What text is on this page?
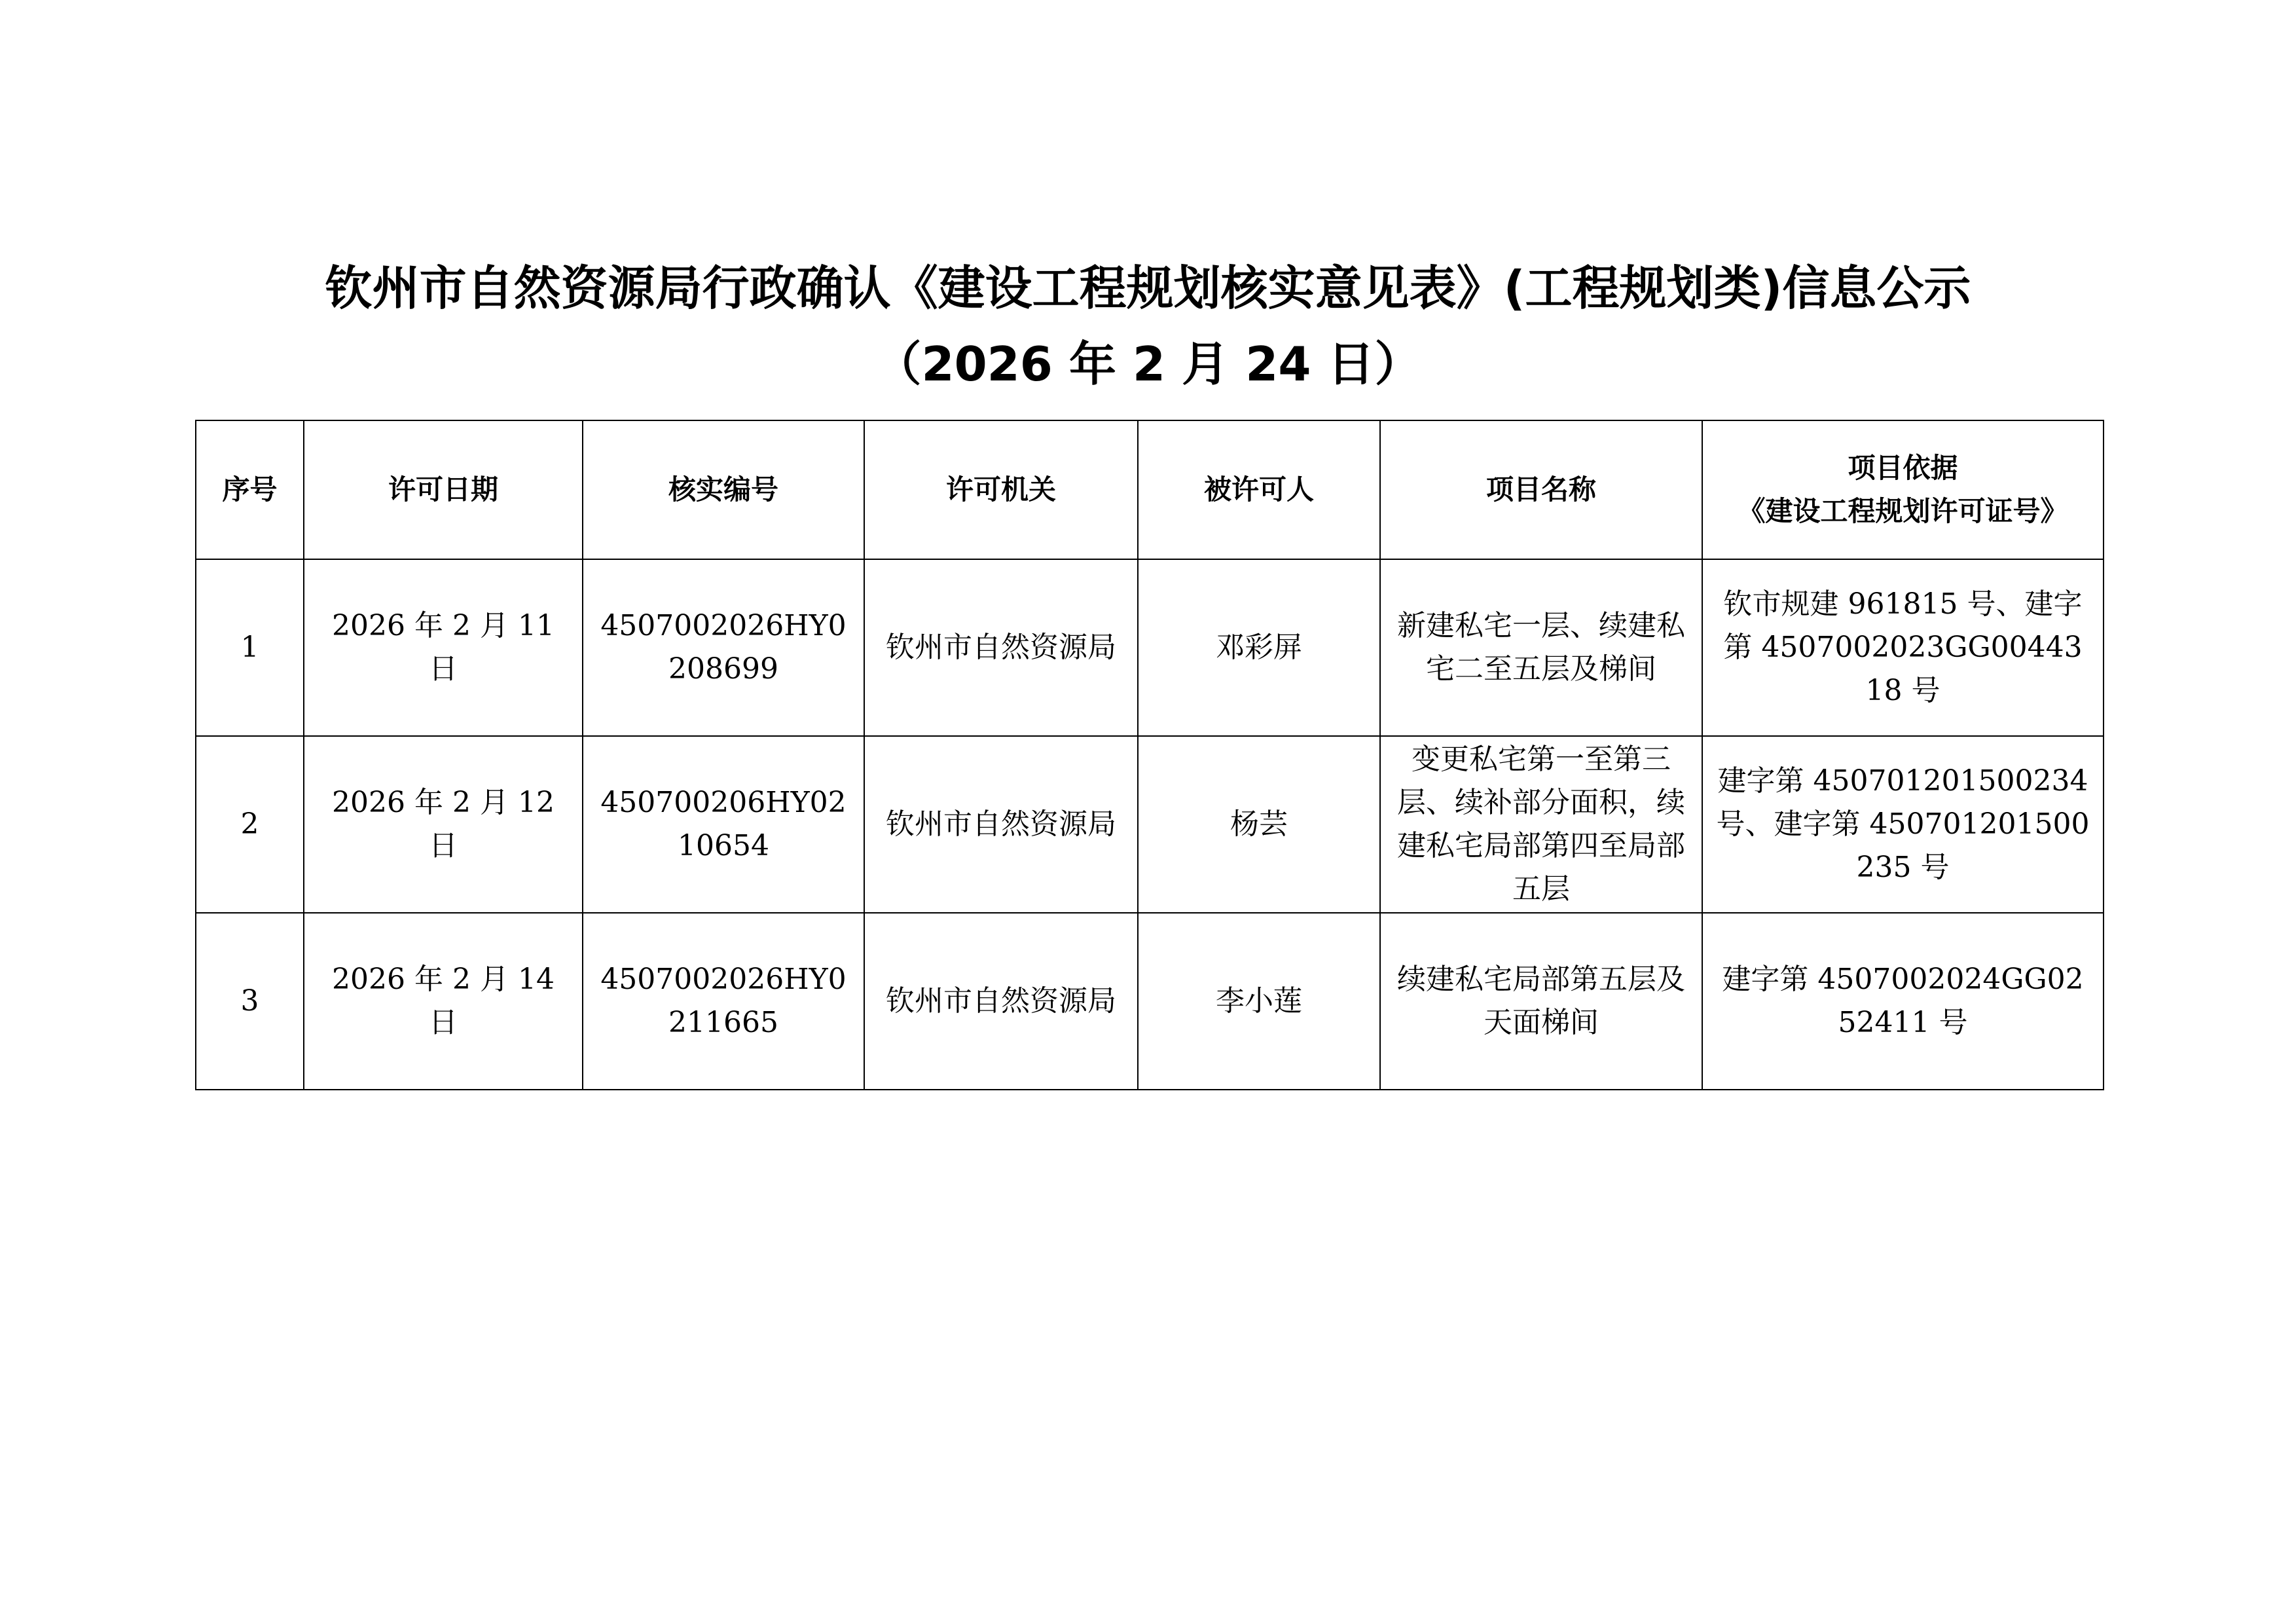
钦州市自然资源局行政确认《建设工程规划核实意见表》(工程规划类)信息公示
（2026 年 2 月 24 日）
序号	许可日期	核实编号	许可机关	被许可人	项目名称	项目依据
《建设工程规划许可证号》

1	2026 年 2 月 11 日	4507002026HY0208699	钦州市自然资源局	邓彩屏	新建私宅一层、续建私宅二至五层及梯间	钦市规建 961815 号、建字第 4507002023GG0044318 号
2	2026 年 2 月 12 日	450700206HY0210654	钦州市自然资源局	杨芸	变更私宅第一至第三层、续补部分面积，续建私宅局部第四至局部五层	建字第 450701201500234 号、建字第 450701201500235 号
3	2026 年 2 月 14 日	4507002026HY0211665	钦州市自然资源局	李小莲	续建私宅局部第五层及天面梯间	建字第 4507002024GG0252411 号
